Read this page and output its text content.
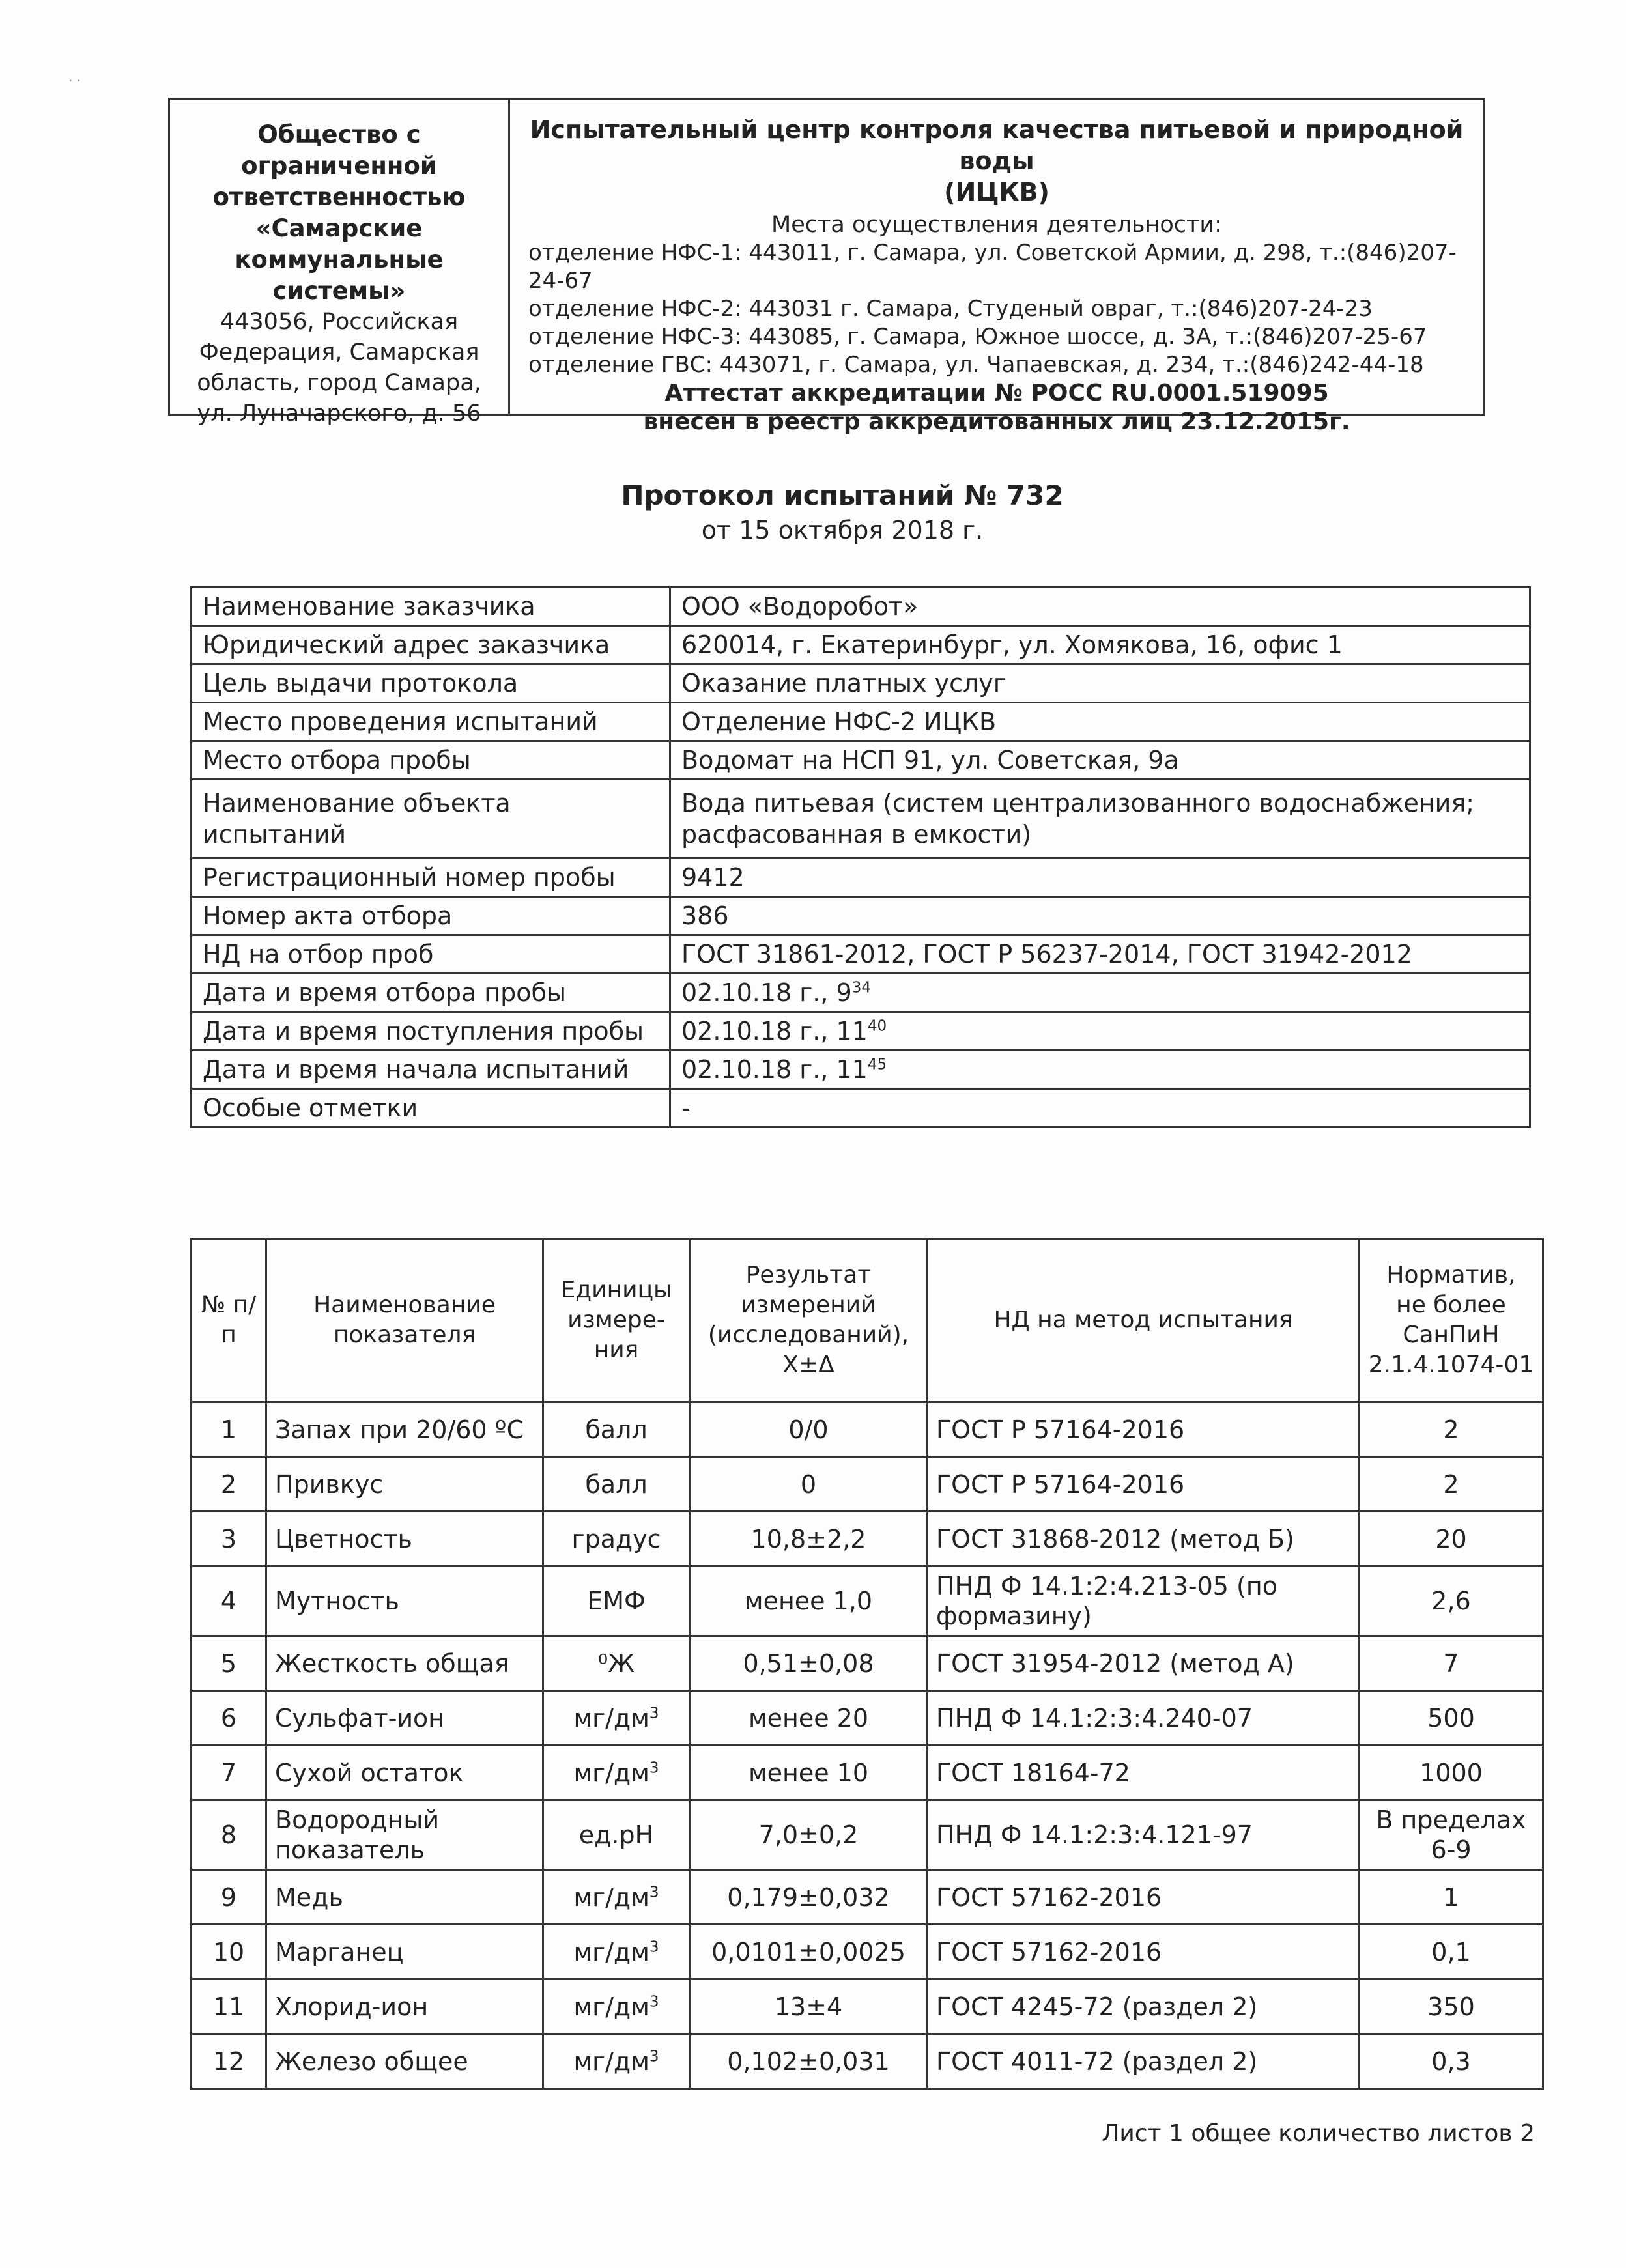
· ·
Общество с
ограниченной
ответственностью
«Самарские
коммунальные
системы»
443056, Российская
Федерация, Самарская
область, город Самара,
ул. Луначарского, д. 56
Испытательный центр контроля качества питьевой и природной воды
(ИЦКВ)
Места осуществления деятельности:
отделение НФС-1: 443011, г. Самара, ул. Советской Армии, д. 298, т.:(846)207-24-67
отделение НФС-2: 443031 г. Самара, Студеный овраг, т.:(846)207-24-23
отделение НФС-3: 443085, г. Самара, Южное шоссе, д. 3А, т.:(846)207-25-67
отделение ГВС: 443071, г. Самара, ул. Чапаевская, д. 234, т.:(846)242-44-18
Аттестат аккредитации № РОСС RU.0001.519095
внесен в реестр аккредитованных лиц 23.12.2015г.
Протокол испытаний № 732
от 15 октября 2018 г.
Наименование заказчика	ООО «Водоробот»
Юридический адрес заказчика	620014, г. Екатеринбург, ул. Хомякова, 16, офис 1
Цель выдачи протокола	Оказание платных услуг
Место проведения испытаний	Отделение НФС-2 ИЦКВ
Место отбора пробы	Водомат на НСП 91, ул. Советская, 9а
Наименование объекта испытаний	Вода питьевая (систем централизованного водоснабжения;
расфасованная в емкости)

Регистрационный номер пробы	9412
Номер акта отбора	386
НД на отбор проб	ГОСТ 31861-2012, ГОСТ Р 56237-2014, ГОСТ 31942-2012
Дата и время отбора пробы	02.10.18 г., $9^{34}$
Дата и время поступления пробы	02.10.18 г., $11^{40}$
Дата и время начала испытаний	02.10.18 г., $11^{45}$
Особые отметки	-
№ п/п	Наименование показателя	Единицы измере-ния	Результат измерений (исследований), Х±Δ	НД на метод испытания	Норматив, не более СанПиН 2.1.4.1074-01
1	Запах при 20/60 ºС	балл	0/0	ГОСТ Р 57164-2016	2
2	Привкус	балл	0	ГОСТ Р 57164-2016	2
3	Цветность	градус	10,8±2,2	ГОСТ 31868-2012 (метод Б)	20
4	Мутность	ЕМФ	менее 1,0	ПНД Ф 14.1:2:4.213-05 (по формазину)	2,6
5	Жесткость общая	⁰Ж	0,51±0,08	ГОСТ 31954-2012 (метод А)	7
6	Сульфат-ион	$мг/дм^3$	менее 20	ПНД Ф 14.1:2:3:4.240-07	500
7	Сухой остаток	$мг/дм^3$	менее 10	ГОСТ 18164-72	1000
8	Водородный показатель	ед.рН	7,0±0,2	ПНД Ф 14.1:2:3:4.121-97	В пределах 6-9
9	Медь	$мг/дм^3$	0,179±0,032	ГОСТ 57162-2016	1
10	Марганец	$мг/дм^3$	0,0101±0,0025	ГОСТ 57162-2016	0,1
11	Хлорид-ион	$мг/дм^3$	13±4	ГОСТ 4245-72 (раздел 2)	350
12	Железо общее	$мг/дм^3$	0,102±0,031	ГОСТ 4011-72 (раздел 2)	0,3
Лист 1 общее количество листов 2
